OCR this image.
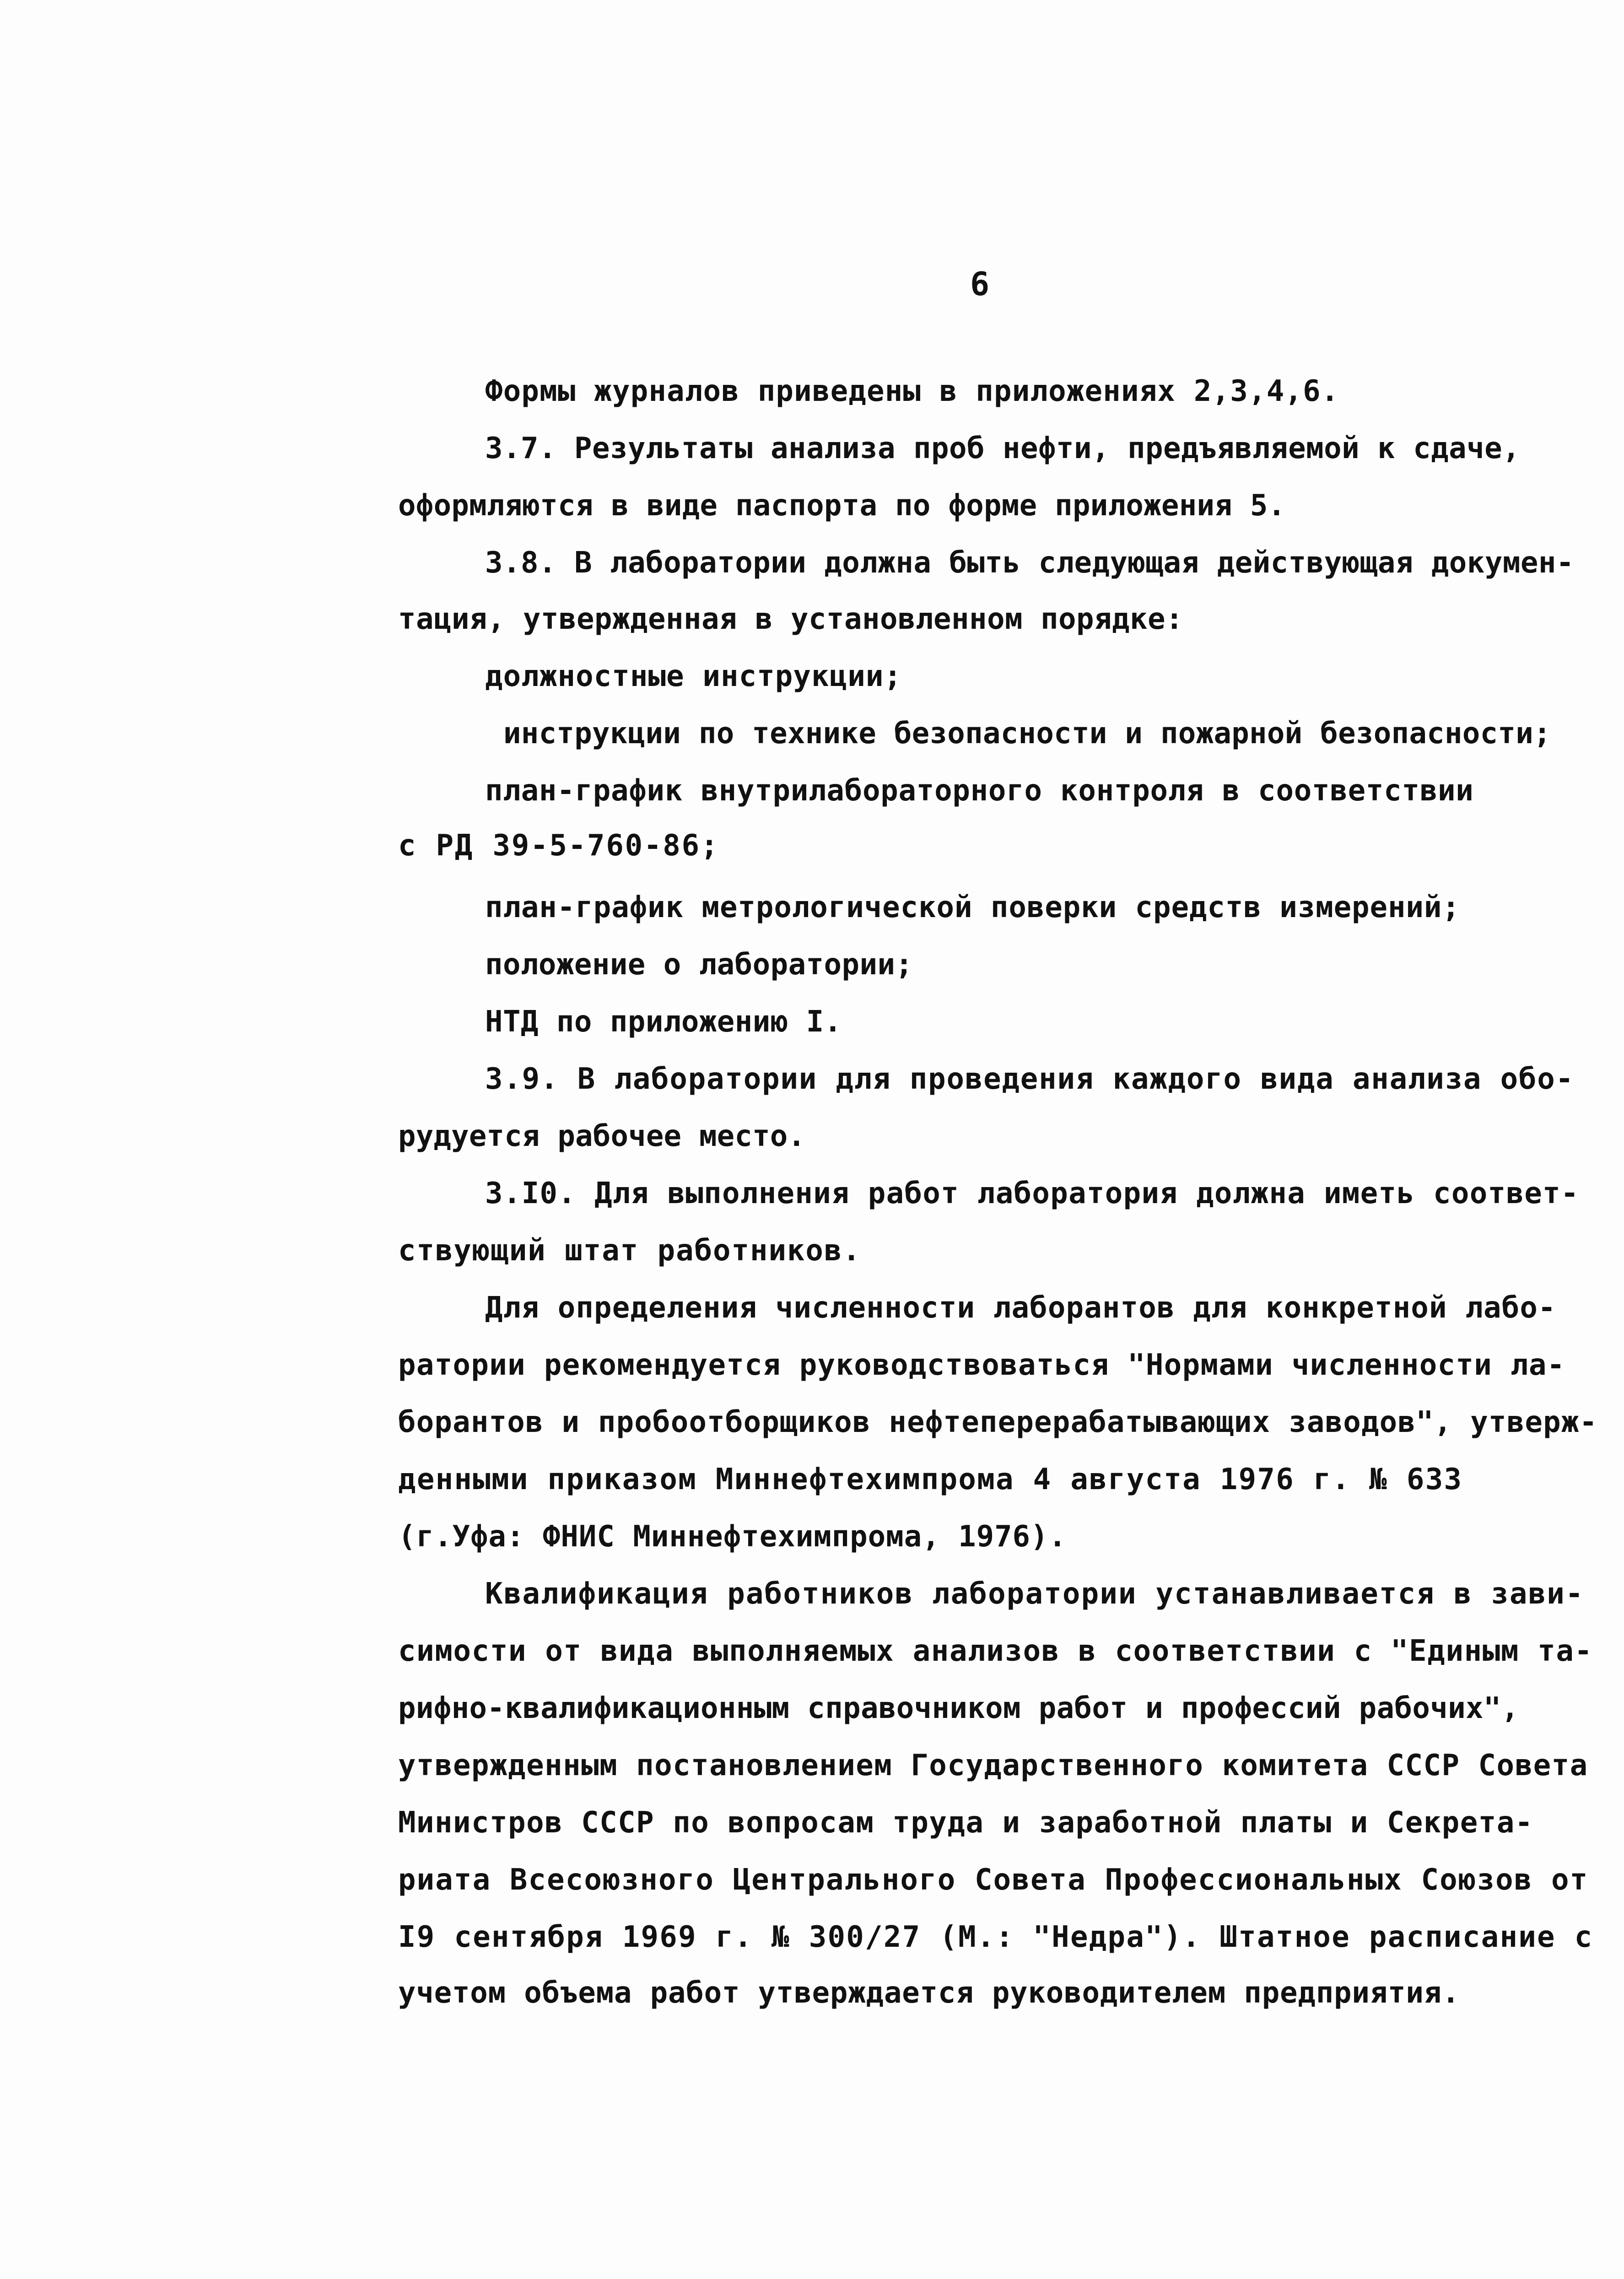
6
Формы журналов приведены в приложениях 2,3,4,6.
3.7. Результаты анализа проб нефти, предъявляемой к сдаче,
оформляются в виде паспорта по форме приложения 5.
3.8. В лаборатории должна быть следующая действующая докумен-
тация, утвержденная в установленном порядке:
должностные инструкции;
инструкции по технике безопасности и пожарной безопасности;
план-график внутрилабораторного контроля в соответствии
с РД 39-5-760-86;
план-график метрологической поверки средств измерений;
положение о лаборатории;
НТД по приложению I.
3.9. В лаборатории для проведения каждого вида анализа обо-
рудуется рабочее место.
3.I0. Для выполнения работ лаборатория должна иметь соответ-
ствующий штат работников.
Для определения численности лаборантов для конкретной лабо-
ратории рекомендуется руководствоваться "Нормами численности ла-
борантов и пробоотборщиков нефтеперерабатывающих заводов", утверж-
денными приказом Миннефтехимпрома 4 августа 1976 г. № 633
(г.Уфа: ФНИС Миннефтехимпрома, 1976).
Квалификация работников лаборатории устанавливается в зави-
симости от вида выполняемых анализов в соответствии с "Единым та-
рифно-квалификационным справочником работ и профессий рабочих",
утвержденным постановлением Государственного комитета СССР Совета
Министров СССР по вопросам труда и заработной платы и Секрета-
риата Всесоюзного Центрального Совета Профессиональных Союзов от
I9 сентября 1969 г. № 300/27 (М.: "Недра"). Штатное расписание с
учетом объема работ утверждается руководителем предприятия.
